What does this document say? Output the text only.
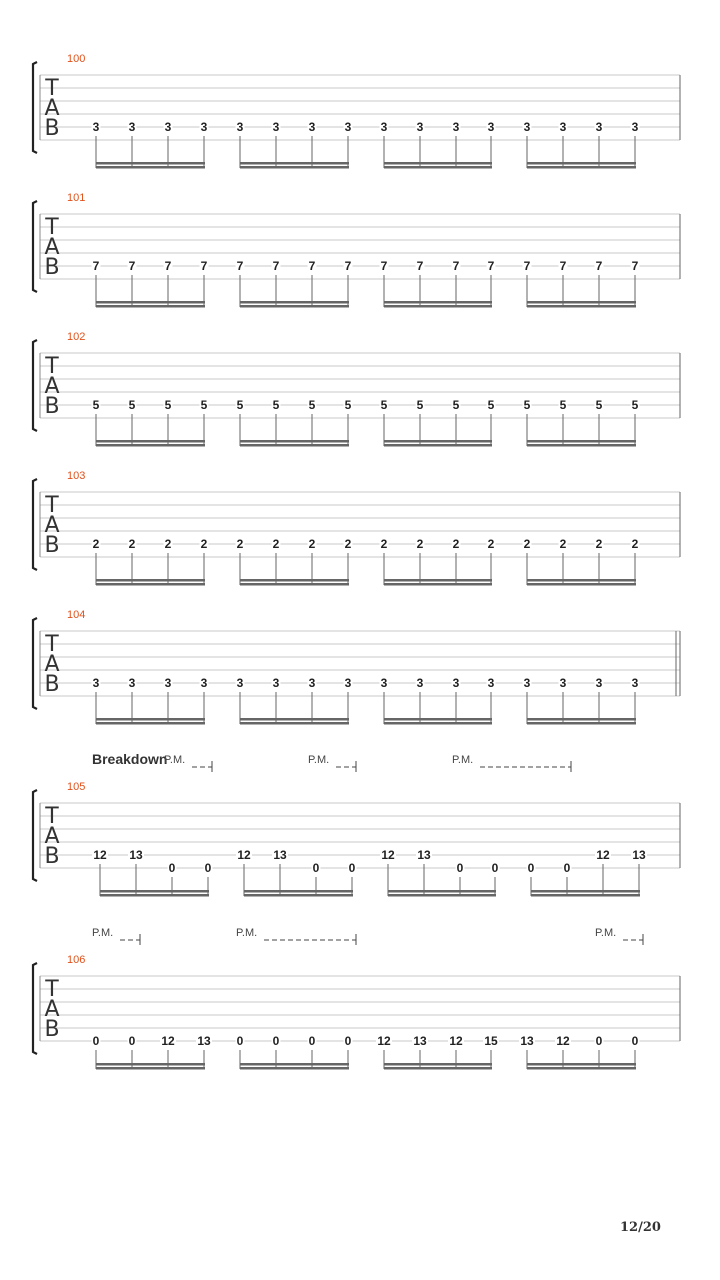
T
A
B
100
3 3 3 3 3 3 3 3 3 3 3 3 3 3 3 3
T
A
B
101
7 7 7 7 7 7 7 7 7 7 7 7 7 7 7 7
T
A
B
102
5 5 5 5 5 5 5 5 5 5 5 5 5 5 5 5
T
A
B
103
2 2 2 2 2 2 2 2 2 2 2 2 2 2 2 2
T
A
B
104
3 3 3 3 3 3 3 3 3 3 3 3 3 3 3 3
T
A
B
105
Breakdown
P.M.	P.M.	P.M.
12 13
0 0
12 13
0 0
12 13
0 0 0 0
12 13
T
A
B
106
P.M.	P.M.	P.M.
0 0 12 13 0 0 0 0 12 13 12 15 13 12 0 0
12/20
